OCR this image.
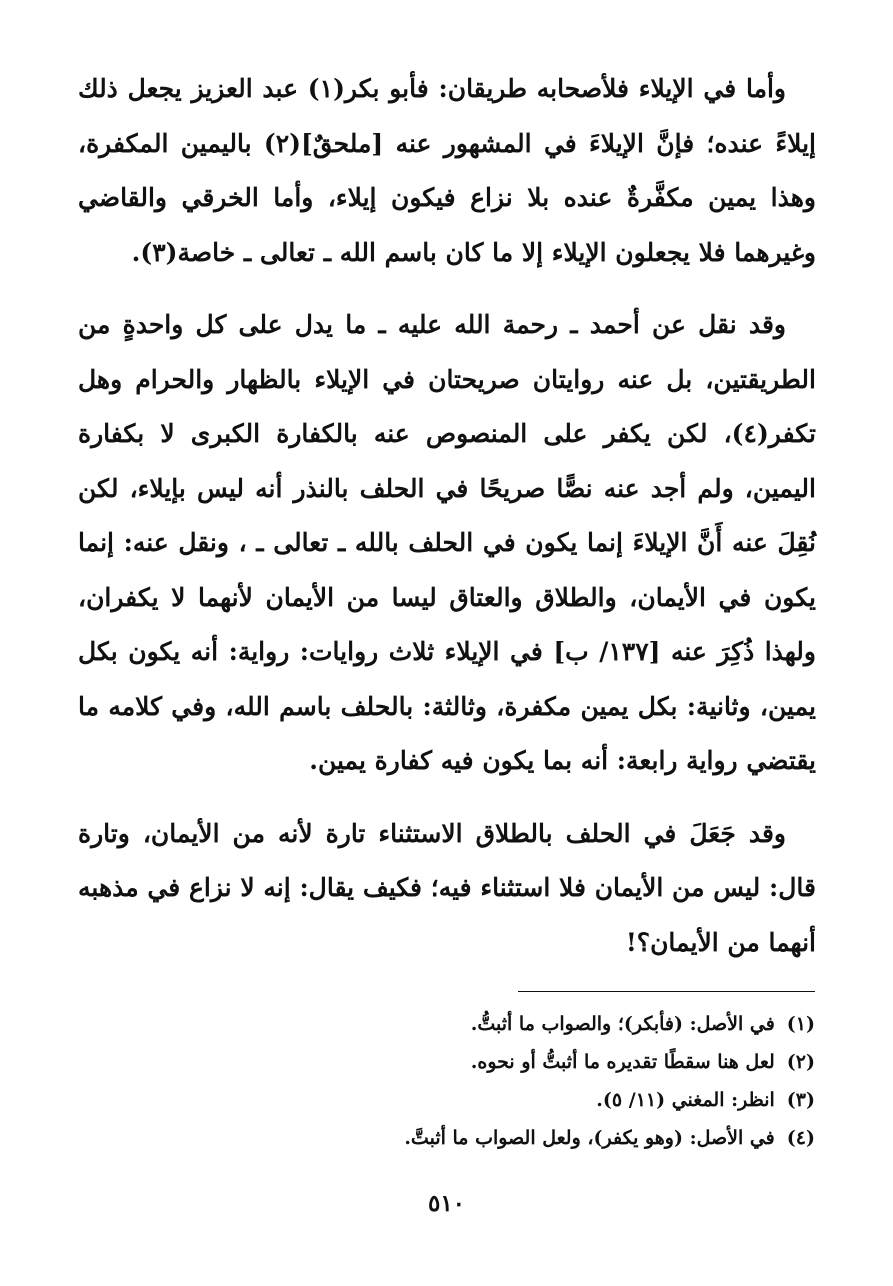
وأما في الإيلاء فلأصحابه طريقان: فأبو بكر(١) عبد العزيز يجعل ذلك إيلاءً عنده؛ فإنَّ الإيلاءَ في المشهور عنه [ملحقٌ](٢) باليمين المكفرة، وهذا يمين مكفَّرةٌ عنده بلا نزاع فيكون إيلاء، وأما الخرقي والقاضي وغيرهما فلا يجعلون الإيلاء إلا ما كان باسم الله ـ تعالى ـ خاصة(٣).

وقد نقل عن أحمد ـ رحمة الله عليه ـ ما يدل على كل واحدةٍ من الطريقتين، بل عنه روايتان صريحتان في الإيلاء بالظهار والحرام وهل تكفر(٤)، لكن يكفر على المنصوص عنه بالكفارة الكبرى لا بكفارة اليمين، ولم أجد عنه نصًّا صريحًا في الحلف بالنذر أنه ليس بإيلاء، لكن نُقِلَ عنه أَنَّ الإيلاءَ إنما يكون في الحلف بالله ـ تعالى ـ ، ونقل عنه: إنما يكون في الأيمان، والطلاق والعتاق ليسا من الأيمان لأنهما لا يكفران، ولهذا ذُكِرَ عنه [١٣٧/ ب] في الإيلاء ثلاث روايات: رواية: أنه يكون بكل يمين، وثانية: بكل يمين مكفرة، وثالثة: بالحلف باسم الله، وفي كلامه ما يقتضي رواية رابعة: أنه بما يكون فيه كفارة يمين.

وقد جَعَلَ في الحلف بالطلاق الاستثناء تارة لأنه من الأيمان، وتارة قال: ليس من الأيمان فلا استثناء فيه؛ فكيف يقال: إنه لا نزاع في مذهبه أنهما من الأيمان؟!

(١)في الأصل: (فأبكر)؛ والصواب ما أثبتُّ.
(٢)لعل هنا سقطًا تقديره ما أثبتُّ أو نحوه.
(٣)انظر: المغني (١١/ ٥).
(٤)في الأصل: (وهو يكفر)، ولعل الصواب ما أثبتَّ.
٥١٠
